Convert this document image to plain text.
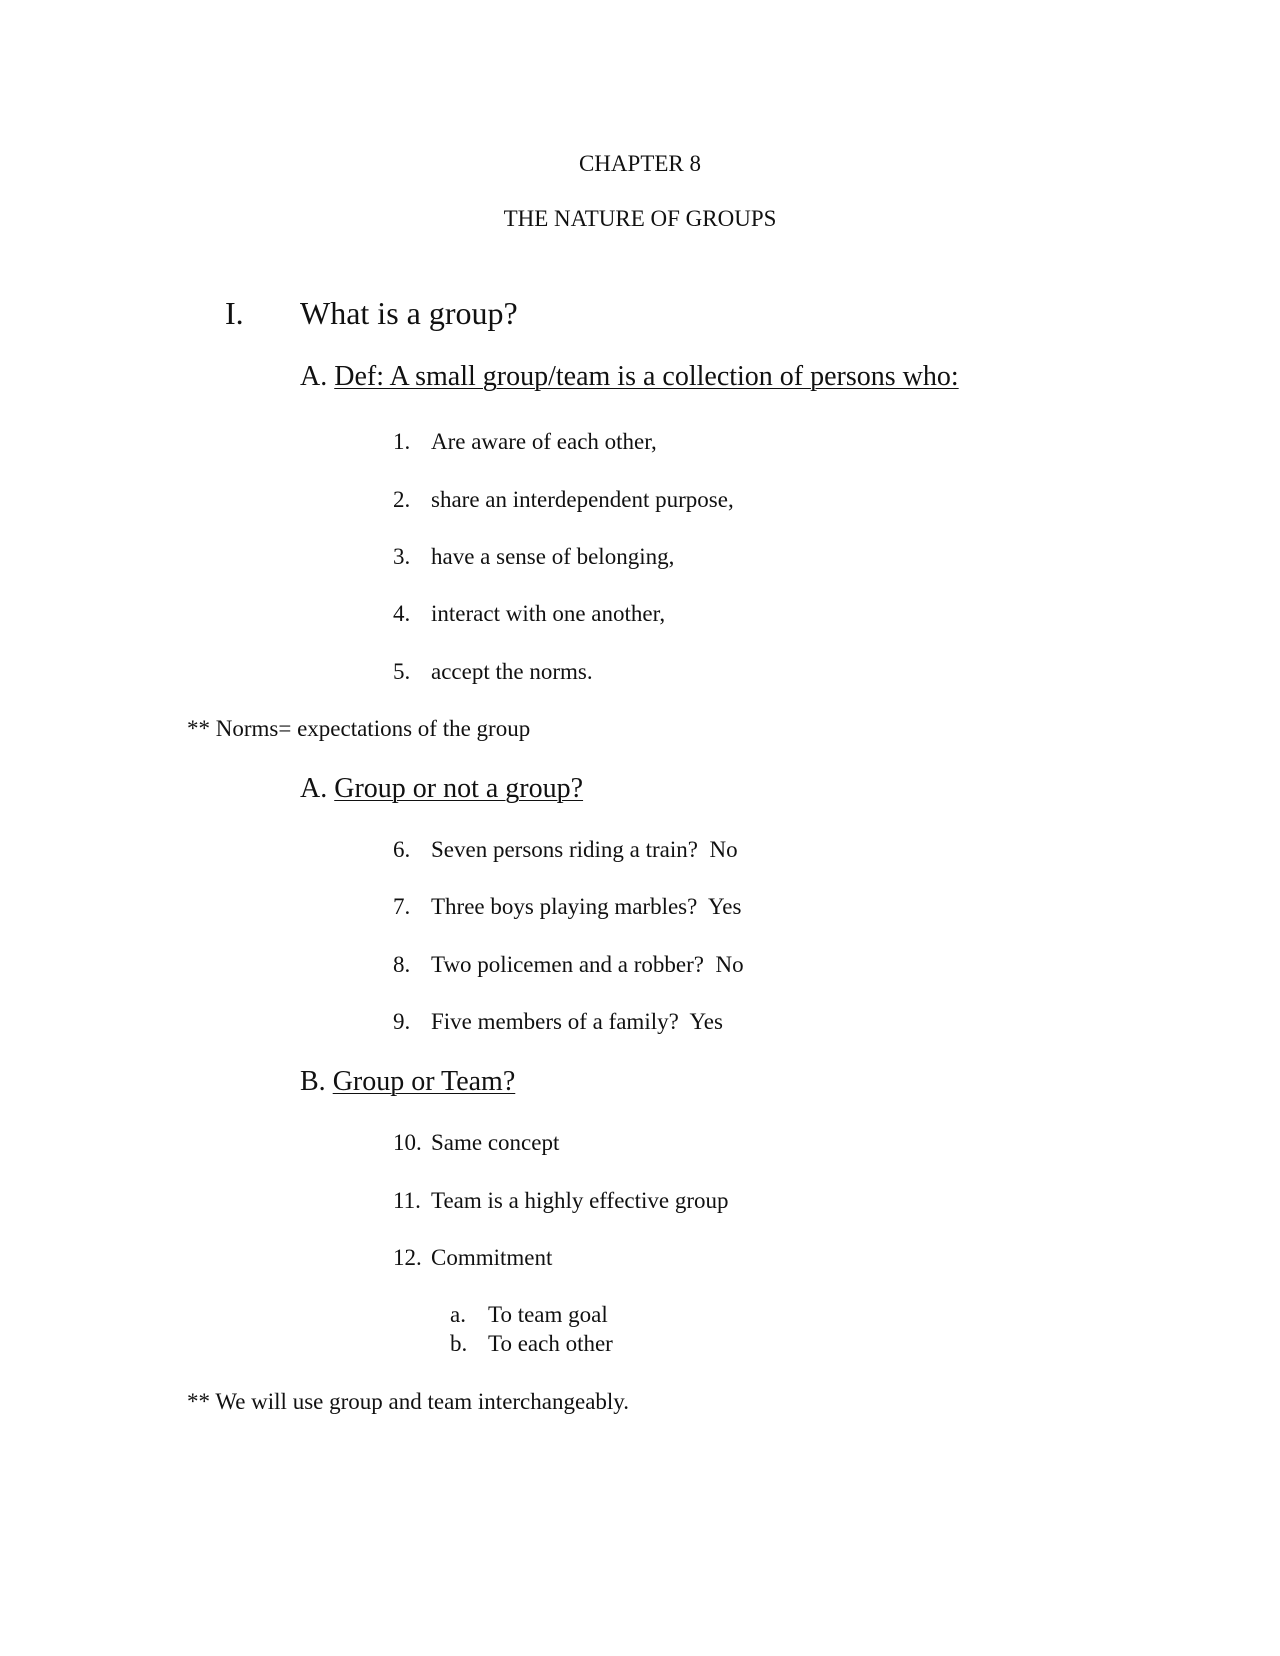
CHAPTER 8
THE NATURE OF GROUPS
I. What is a group?
A. Def: A small group/team is a collection of persons who:
1. Are aware of each other,
2. share an interdependent purpose,
3. have a sense of belonging,
4. interact with one another,
5. accept the norms.
** Norms= expectations of the group
A. Group or not a group?
6. Seven persons riding a train?  No
7. Three boys playing marbles?  Yes
8. Two policemen and a robber?  No
9. Five members of a family?  Yes
B. Group or Team?
10. Same concept
11. Team is a highly effective group
12. Commitment
a. To team goal
b. To each other
** We will use group and team interchangeably.
